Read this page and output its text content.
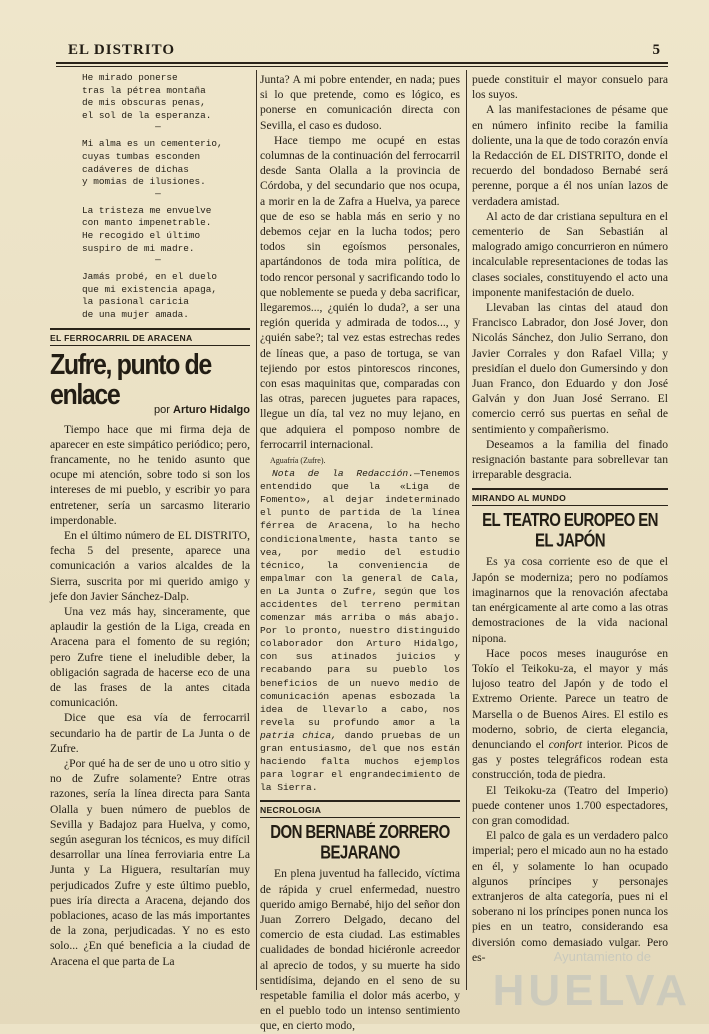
EL DISTRITO	5
He mirado ponerse
tras la pétrea montaña
de mis obscuras penas,
el sol de la esperanza.
—
Mi alma es un cementerio,
cuyas tumbas esconden
cadáveres de dichas
y momias de ilusiones.
—
La tristeza me envuelve
con manto impenetrable.
He recogido el último
suspiro de mi madre.
—
Jamás probé, en el duelo
que mi existencia apaga,
la pasional caricia
de una mujer amada.

EL FERROCARRIL DE ARACENA

Zufre, punto de enlace	por Arturo Hidalgo

Tiempo hace que mi firma deja de aparecer en este simpático periódico; pero, francamente, no he tenido asunto que ocupe mi atención, sobre todo si son los intereses de mi pueblo, y escribir yo para entretener, sería un sarcasmo literario imperdonable.

En el último número de EL DISTRITO, fecha 5 del presente, aparece una comunicación a varios alcaldes de la Sierra, suscrita por mi querido amigo y jefe don Javier Sánchez-Dalp.

Una vez más hay, sinceramente, que aplaudir la gestión de la Liga, creada en Aracena para el fomento de su región; pero Zufre tiene el ineludible deber, la obligación sagrada de hacerse eco de una de las frases de la antes citada comunicación.

Dice que esa vía de ferrocarril secundario ha de partir de La Junta o de Zufre.

¿Por qué ha de ser de uno u otro sitio y no de Zufre solamente? Entre otras razones, sería la línea directa para Santa Olalla y buen número de pueblos de Sevilla y Badajoz para Huelva, y como, según aseguran los técnicos, es muy difícil desarrollar una línea ferroviaria entre La Junta y La Higuera, resultarían muy perjudicados Zufre y este último pueblo, pues iría directa a Aracena, dejando dos poblaciones, acaso de las más importantes de la zona, perjudicadas. Y no es esto solo... ¿En qué beneficia a la ciudad de Aracena el que parta de La

Junta? A mi pobre entender, en nada; pues si lo que pretende, como es lógico, es ponerse en comunicación directa con Sevilla, el caso es dudoso.

Hace tiempo me ocupé en estas columnas de la continuación del ferrocarril desde Santa Olalla a la provincia de Córdoba, y del secundario que nos ocupa, a morir en la de Zafra a Huelva, ya parece que de eso se habla más en serio y no debemos cejar en la lucha todos; pero todos sin egoísmos personales, apartándonos de toda mira política, de todo rencor personal y sacrificando todo lo que noblemente se pueda y deba sacrificar, llegaremos..., ¿quién lo duda?, a ser una región querida y admirada de todos..., y ¿quién sabe?; tal vez estas estrechas redes de líneas que, a paso de tortuga, se van tejiendo por estos pintorescos rincones, con esas maquinitas que, comparadas con las otras, parecen juguetes para rapaces, llegue un día, tal vez no muy lejano, en que adquiera el pomposo nombre de ferrocarril internacional.

Aguafría (Zufre).

Nota de la Redacción.—Tenemos entendido que la «Liga de Fomento», al dejar indeterminado el punto de partida de la línea férrea de Aracena, lo ha hecho condicionalmente, hasta tanto se vea, por medio del estudio técnico, la conveniencia de empalmar con la general de Cala, en La Junta o Zufre, según que los accidentes del terreno permitan comenzar más arriba o más abajo. Por lo pronto, nuestro distinguido colaborador don Arturo Hidalgo, con sus atinados juicios y recabando para su pueblo los beneficios de un nuevo medio de comunicación apenas esbozada la idea de llevarlo a cabo, nos revela su profundo amor a la patria chica, dando pruebas de un gran entusiasmo, del que nos están haciendo falta muchos ejemplos para lograr el engrandecimiento de la Sierra.

NECROLOGIA

DON BERNABÉ ZORRERO BEJARANO

En plena juventud ha fallecido, víctima de rápida y cruel enfermedad, nuestro querido amigo Bernabé, hijo del señor don Juan Zorrero Delgado, decano del comercio de esta ciudad. Las estimables cualidades de bondad hiciéronle acreedor al aprecio de todos, y su muerte ha sido sentidísima, dejando en el seno de su respetable familia el dolor más acerbo, y en el pueblo todo un intenso sentimiento que, en cierto modo,

puede constituir el mayor consuelo para los suyos.

A las manifestaciones de pésame que en número infinito recibe la familia doliente, una la que de todo corazón envía la Redacción de EL DISTRITO, donde el recuerdo del bondadoso Bernabé será perenne, porque a él nos unían lazos de verdadera amistad.

Al acto de dar cristiana sepultura en el cementerio de San Sebastián al malogrado amigo concurrieron en número incalculable representaciones de todas las clases sociales, constituyendo el acto una imponente manifestación de duelo.

Llevaban las cintas del ataud don Francisco Labrador, don José Jover, don Nicolás Sánchez, don Julio Serrano, don Javier Corrales y don Rafael Villa; y presidían el duelo don Gumersindo y don Juan Franco, don Eduardo y don José Galván y don Juan José Serrano. El comercio cerró sus puertas en señal de sentimiento y compañerismo.

Deseamos a la familia del finado resignación bastante para sobrellevar tan irreparable desgracia.

MIRANDO AL MUNDO

EL TEATRO EUROPEO EN EL JAPÓN

Es ya cosa corriente eso de que el Japón se moderniza; pero no podíamos imaginarnos que la renovación afectaba tan enérgicamente al arte como a las otras demostraciones de la vida nacional nipona.

Hace pocos meses inauguróse en Tokío el Teikoku-za, el mayor y más lujoso teatro del Japón y de todo el Extremo Oriente. Parece un teatro de Marsella o de Buenos Aires. El estilo es moderno, sobrio, de cierta elegancia, denunciando el confort interior. Picos de gas y postes telegráficos rodean esta construcción, toda de piedra.

El Teikoku-za (Teatro del Imperio) puede contener unos 1.700 espectadores, con gran comodidad.

El palco de gala es un verdadero palco imperial; pero el micado aun no ha estado en él, y solamente lo han ocupado algunos príncipes y personajes extranjeros de alta categoría, pues ni el soberano ni los príncipes ponen nunca los pies en un teatro, considerando esa diversión como demasiado vulgar. Pero es-	Ayuntamiento de
HUELVA
